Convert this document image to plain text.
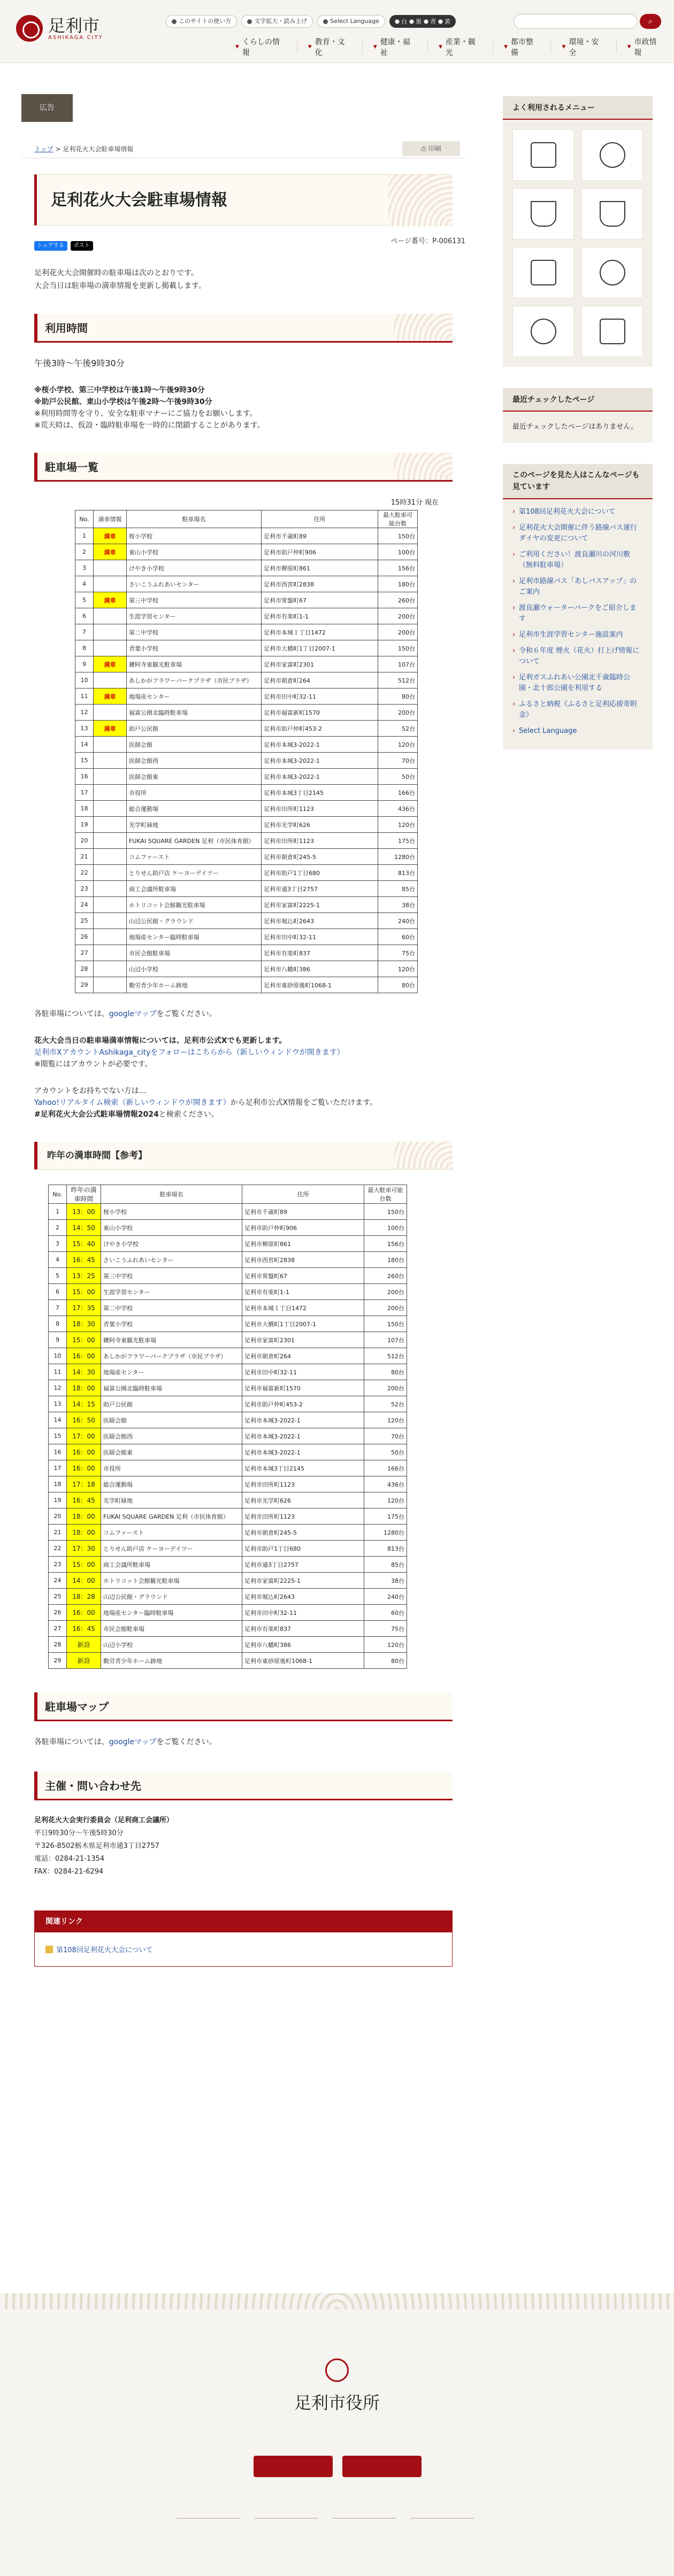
足利市
ASHIKAGA CITY
このサイトの使い方	文字拡大・読み上げ	Select Language	白 黒 青 黄	⌕
▼
くらしの情報
▼
教育・文化
▼
健康・福祉
▼
産業・観光
▼
都市整備
▼
環境・安全
▼
市政情報
広告
トップ > 足利花火大会駐車場情報	⎙ 印刷
足利花火大会駐車場情報
ページ番号：P-006131
シェアする	ポスト
足利花火大会開催時の駐車場は次のとおりです。
大会当日は駐車場の満車情報を更新し掲載します。
利用時間
午後3時～午後9時30分
※桜小学校、第三中学校は午後1時～午後9時30分
※助戸公民館、東山小学校は午後2時～午後9時30分
※利用時間等を守り、安全な駐車マナーにご協力をお願いします。
※荒天時は、仮設・臨時駐車場を一時的に閉鎖することがあります。
駐車場一覧
15時31分 現在
No.	満車情報	駐車場名	住所	最大駐車可能台数
1	満車	桜小学校	足利市千歳町89	150台
2	満車	東山小学校	足利市助戸仲町906	100台
3		けやき小学校	足利市柳原町861	156台
4		さいこうふれあいセンター	足利市西宮町2838	180台
5	満車	第三中学校	足利市常盤町67	260台
6		生涯学習センター	足利市有楽町1-1	200台
7		第二中学校	足利市本城１丁目1472	200台
8		青葉小学校	足利市大橋町1丁目2007-1	150台
9	満車	鑁阿寺東観光駐車場	足利市家富町2301	107台
10		あしかがフラワーパークプラザ（市民プラザ）	足利市朝倉町264	512台
11	満車	地場産センター	足利市田中町32-11	80台
12		福富公園北臨時駐車場	足利市福富新町1570	200台
13	満車	助戸公民館	足利市助戸仲町453-2	52台
14		医師会館	足利市本城3-2022-1	120台
15		医師会館西	足利市本城3-2022-1	70台
16		医師会館東	足利市本城3-2022-1	50台
17		市役所	足利市本城3丁目2145	166台
18		総合運動場	足利市田所町1123	436台
19		光学町緑地	足利市光学町626	120台
20		FUKAI SQUARE GARDEN 足利（市民体育館）	足利市田所町1123	175台
21		コムファースト	足利市朝倉町245-5	1280台
22		とりせん助戸店 ケーヨーデイツー	足利市助戸1丁目680	813台
23		商工会議所駐車場	足利市通3丁目2757	85台
24		ホトリコット会館観光駐車場	足利市家富町2225-1	38台
25		山辺公民館・グラウンド	足利市堀込町2643	240台
26		地場産センター臨時駐車場	足利市田中町32-11	60台
27		市民会館駐車場	足利市有楽町837	75台
28		山辺小学校	足利市八幡町386	120台
29		勤労青少年ホーム跡地	足利市東砂原後町1068-1	80台
各駐車場については、googleマップをご覧ください。
花火大会当日の駐車場満車情報については、足利市公式Xでも更新します。
足利市XアカウントAshikaga_cityをフォローはこちらから（新しいウィンドウが開きます）
※閲覧にはアカウントが必要です。
アカウントをお持ちでない方は…
Yahoo!リアルタイム検索（新しいウィンドウが開きます）から足利市公式X情報をご覧いただけます。
#足利花火大会公式駐車場情報2024と検索ください。
昨年の満車時間【参考】
No.	昨年の満車時間	駐車場名	住所	最大駐車可能台数
1	13：00	桜小学校	足利市千歳町89	150台
2	14：50	東山小学校	足利市助戸仲町906	100台
3	15：40	けやき小学校	足利市柳原町861	156台
4	16：45	さいこうふれあいセンター	足利市西宮町2838	180台
5	13：25	第三中学校	足利市常盤町67	260台
6	15：00	生涯学習センター	足利市有楽町1-1	200台
7	17：35	第二中学校	足利市本城１丁目1472	200台
8	18：30	青葉小学校	足利市大橋町1丁目2007-1	150台
9	15：00	鑁阿寺東観光駐車場	足利市家富町2301	107台
10	16：00	あしかがフラワーパークプラザ（市民プラザ）	足利市朝倉町264	512台
11	14：30	地場産センター	足利市田中町32-11	80台
12	18：00	福富公園北臨時駐車場	足利市福富新町1570	200台
13	14：15	助戸公民館	足利市助戸仲町453-2	52台
14	16：50	医師会館	足利市本城3-2022-1	120台
15	17：00	医師会館西	足利市本城3-2022-1	70台
16	16：00	医師会館東	足利市本城3-2022-1	50台
17	16：00	市役所	足利市本城3丁目2145	166台
18	17：18	総合運動場	足利市田所町1123	436台
19	16：45	光学町緑地	足利市光学町626	120台
20	18：00	FUKAI SQUARE GARDEN 足利（市民体育館）	足利市田所町1123	175台
21	18：00	コムファースト	足利市朝倉町245-5	1280台
22	17：30	とりせん助戸店 ケーヨーデイツー	足利市助戸1丁目680	813台
23	15：00	商工会議所駐車場	足利市通3丁目2757	85台
24	14：00	ホトリコット会館観光駐車場	足利市家富町2225-1	38台
25	18：28	山辺公民館・グラウンド	足利市堀込町2643	240台
26	16：00	地場産センター臨時駐車場	足利市田中町32-11	60台
27	16：45	市民会館駐車場	足利市有楽町837	75台
28	新設	山辺小学校	足利市八幡町386	120台
29	新設	勤労青少年ホーム跡地	足利市東砂原後町1068-1	80台
駐車場マップ
各駐車場については、googleマップをご覧ください。
主催・問い合わせ先
足利花火大会実行委員会（足利商工会議所）
平日9時30分～午後5時30分
〒326-8502栃木県足利市通3丁目2757
電話：0284-21-1354
FAX：0284-21-6294
関連リンク
第108回足利花火大会について
よく利用されるメニュー
最近チェックしたページ
最近チェックしたページはありません。
このページを見た人はこんなページも見ています
› 第108回足利花火大会について
› 足利花火大会開催に伴う路線バス運行ダイヤの変更について
› ご利用ください！渡良瀬川の河川敷（無料駐車場）
› 足利市路線バス「あしバスアップ」の ご案内
› 渡良瀬ウォーターパークをご紹介します
› 足利市生涯学習センター施設案内
› 令和６年度 煙火（花火）打上げ情報について
› 足利ガスふれあい公園北千歳臨時公園・北十郎公園を利用する
› ふるさと納税《ふるさと足利応援寄附金》
› Select Language
足利市役所
